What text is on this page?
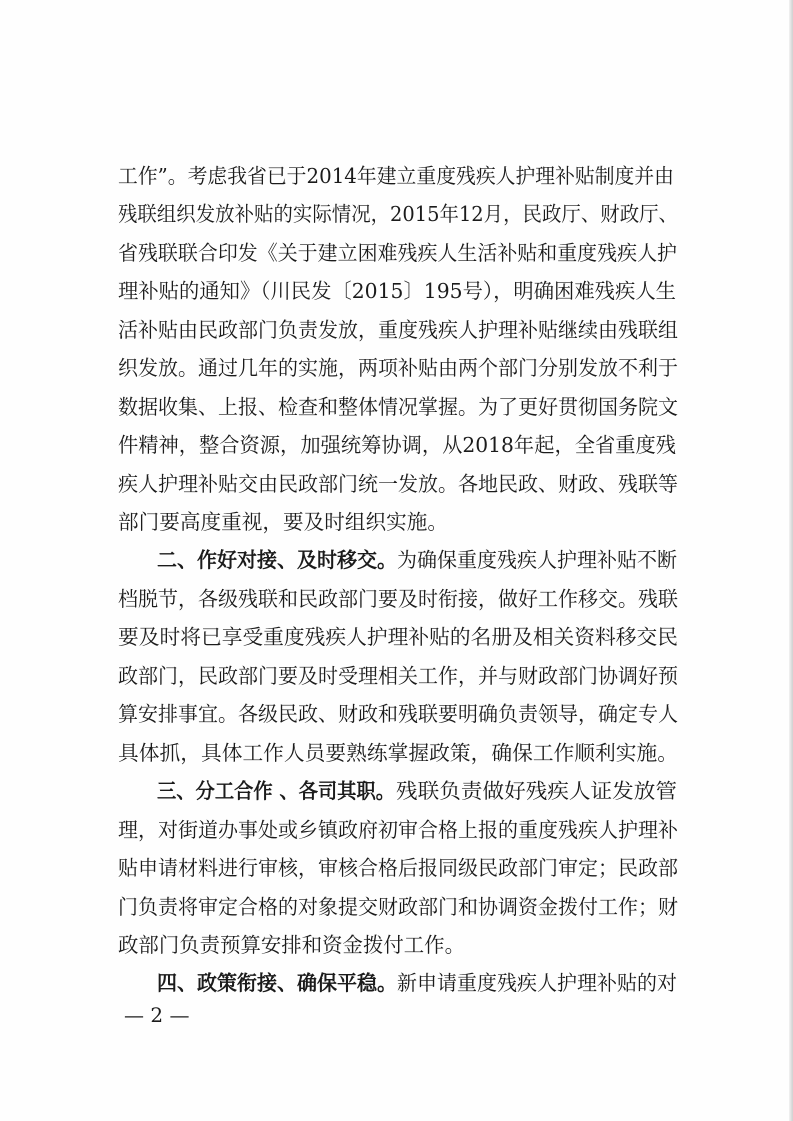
工作”。考虑我省已于2014年建立重度残疾人护理补贴制度并由
残联组织发放补贴的实际情况，2015年12月，民政厅、财政厅、
省残联联合印发《关于建立困难残疾人生活补贴和重度残疾人护
理补贴的通知》（川民发〔2015〕195号），明确困难残疾人生
活补贴由民政部门负责发放，重度残疾人护理补贴继续由残联组
织发放。通过几年的实施，两项补贴由两个部门分别发放不利于
数据收集、上报、检查和整体情况掌握。为了更好贯彻国务院文
件精神，整合资源，加强统筹协调，从2018年起，全省重度残
疾人护理补贴交由民政部门统一发放。各地民政、财政、残联等
部门要高度重视，要及时组织实施。
二、作好对接、及时移交。 为确保重度残疾人护理补贴不断
档脱节，各级残联和民政部门要及时衔接，做好工作移交。残联
要及时将已享受重度残疾人护理补贴的名册及相关资料移交民
政部门，民政部门要及时受理相关工作，并与财政部门协调好预
算安排事宜。各级民政、财政和残联要明确负责领导，确定专人
具体抓，具体工作人员要熟练掌握政策，确保工作顺利实施。
三、分工合作 、各司其职。 残联负责做好残疾人证发放管
理，对街道办事处或乡镇政府初审合格上报的重度残疾人护理补
贴申请材料进行审核，审核合格后报同级民政部门审定；民政部
门负责将审定合格的对象提交财政部门和协调资金拨付工作；财
政部门负责预算安排和资金拨付工作。
四、政策衔接、确保平稳。 新申请重度残疾人护理补贴的对
— 2 —
